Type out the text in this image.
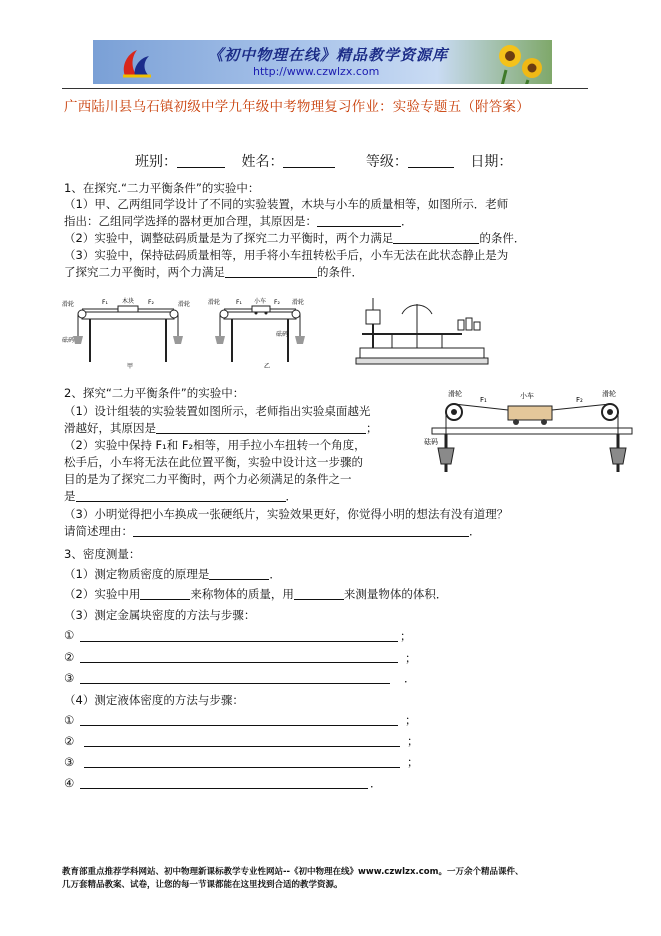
《初中物理在线》精品教学资源库
http://www.czwlzx.com
广西陆川县乌石镇初级中学九年级中考物理复习作业：实验专题五（附答案）
班别：	姓名：	等级：	日期：
1、在探究.“二力平衡条件”的实验中：
（1）甲、乙两组同学设计了不同的实验装置，木块与小车的质量相等，如图所示．老师
指出：乙组同学选择的器材更加合理，其原因是：	．
（2）实验中，调整砝码质量是为了探究二力平衡时，两个力满足	的条件．
（3）实验中，保持砝码质量相等，用手将小车扭转松手后，小车无法在此状态静止是为
了探究二力平衡时，两个力满足	的条件．
滑轮	滑轮
F₁ 木块 F₂
砝码
甲
滑轮	滑轮
F₁ 小车 F₂
砝码
乙
2、探究“二力平衡条件”的实验中：
（1）设计组装的实验装置如图所示，老师指出实验桌面越光
滑越好，其原因是	；
（2）实验中保持 F₁和 F₂相等，用手拉小车扭转一个角度，
松手后，小车将无法在此位置平衡，实验中设计这一步骤的
目的是为了探究二力平衡时，两个力必须满足的条件之一
是	．
滑轮	滑轮
小车
F₁	F₂
砝码
（3）小明觉得把小车换成一张硬纸片，实验效果更好，你觉得小明的想法有没有道理？
请简述理由：	．
3、密度测量：
（1）测定物质密度的原理是	．
（2）实验中用	来称物体的质量，用	来测量物体的体积．
（3）测定金属块密度的方法与步骤：
①	；
②	；
③	．
（4）测定液体密度的方法与步骤：
①	；
②	；
③	；
④	．
教育部重点推荐学科网站、初中物理新课标教学专业性网站--《初中物理在线》www.czwlzx.com。一万余个精品课件、
几万套精品教案、试卷，让您的每一节课都能在这里找到合适的教学资源。
